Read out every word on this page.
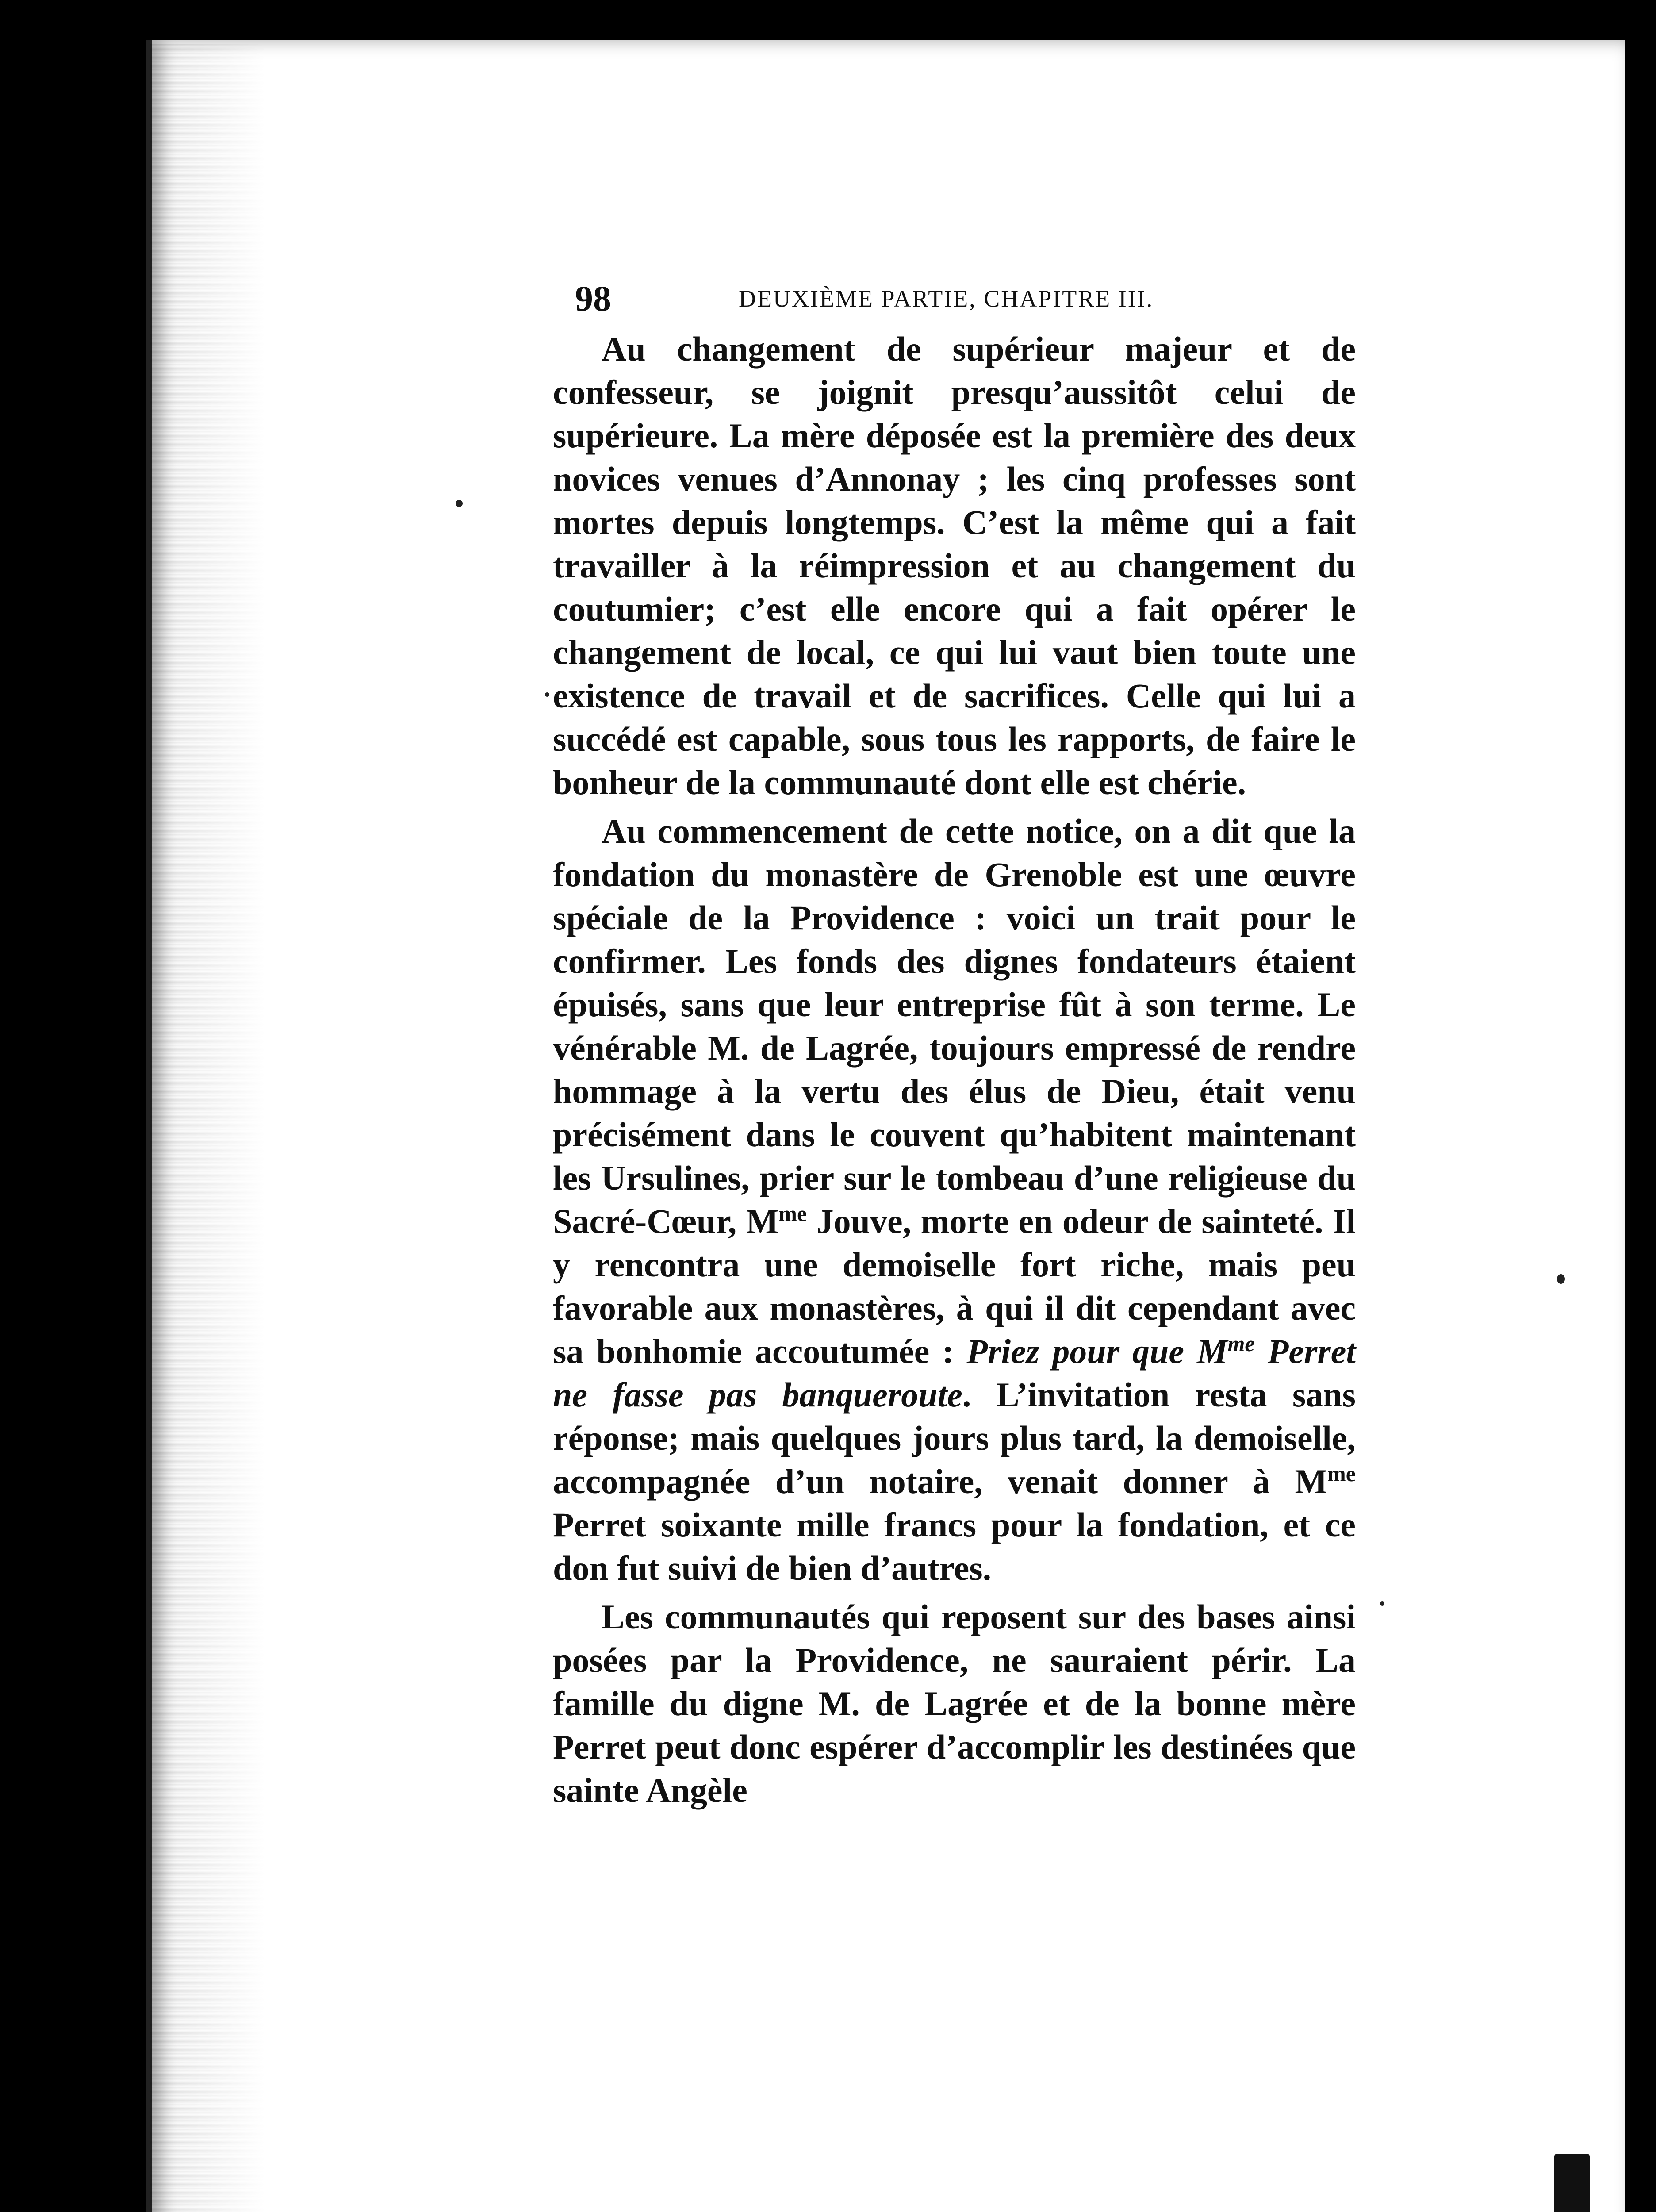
98	DEUXIÈME PARTIE, CHAPITRE III.

Au changement de supérieur majeur et de confesseur, se joignit presqu’aussitôt celui de supérieure. La mère déposée est la première des deux novices venues d’Annonay ; les cinq professes sont mortes depuis longtemps. C’est la même qui a fait travailler à la réimpression et au changement du coutumier; c’est elle encore qui a fait opérer le changement de local, ce qui lui vaut bien toute une existence de travail et de sacrifices. Celle qui lui a succédé est capable, sous tous les rapports, de faire le bonheur de la communauté dont elle est chérie.

Au commencement de cette notice, on a dit que la fondation du monastère de Grenoble est une œuvre spéciale de la Providence : voici un trait pour le confirmer. Les fonds des dignes fondateurs étaient épuisés, sans que leur entreprise fût à son terme. Le vénérable M. de Lagrée, toujours empressé de rendre hommage à la vertu des élus de Dieu, était venu précisément dans le couvent qu’habitent maintenant les Ursulines, prier sur le tombeau d’une religieuse du Sacré-Cœur, $M^{me}$ Jouve, morte en odeur de sainteté. Il y rencontra une demoiselle fort riche, mais peu favorable aux monastères, à qui il dit cependant avec sa bonhomie accoutumée : Priez pour que $M^{me}$ Perret ne fasse pas banqueroute. L’invitation resta sans réponse; mais quelques jours plus tard, la demoiselle, accompagnée d’un notaire, venait donner à $M^{me}$ Perret soixante mille francs pour la fondation, et ce don fut suivi de bien d’autres.

Les communautés qui reposent sur des bases ainsi posées par la Providence, ne sauraient périr. La famille du digne M. de Lagrée et de la bonne mère Perret peut donc espérer d’accomplir les destinées que sainte Angèle
